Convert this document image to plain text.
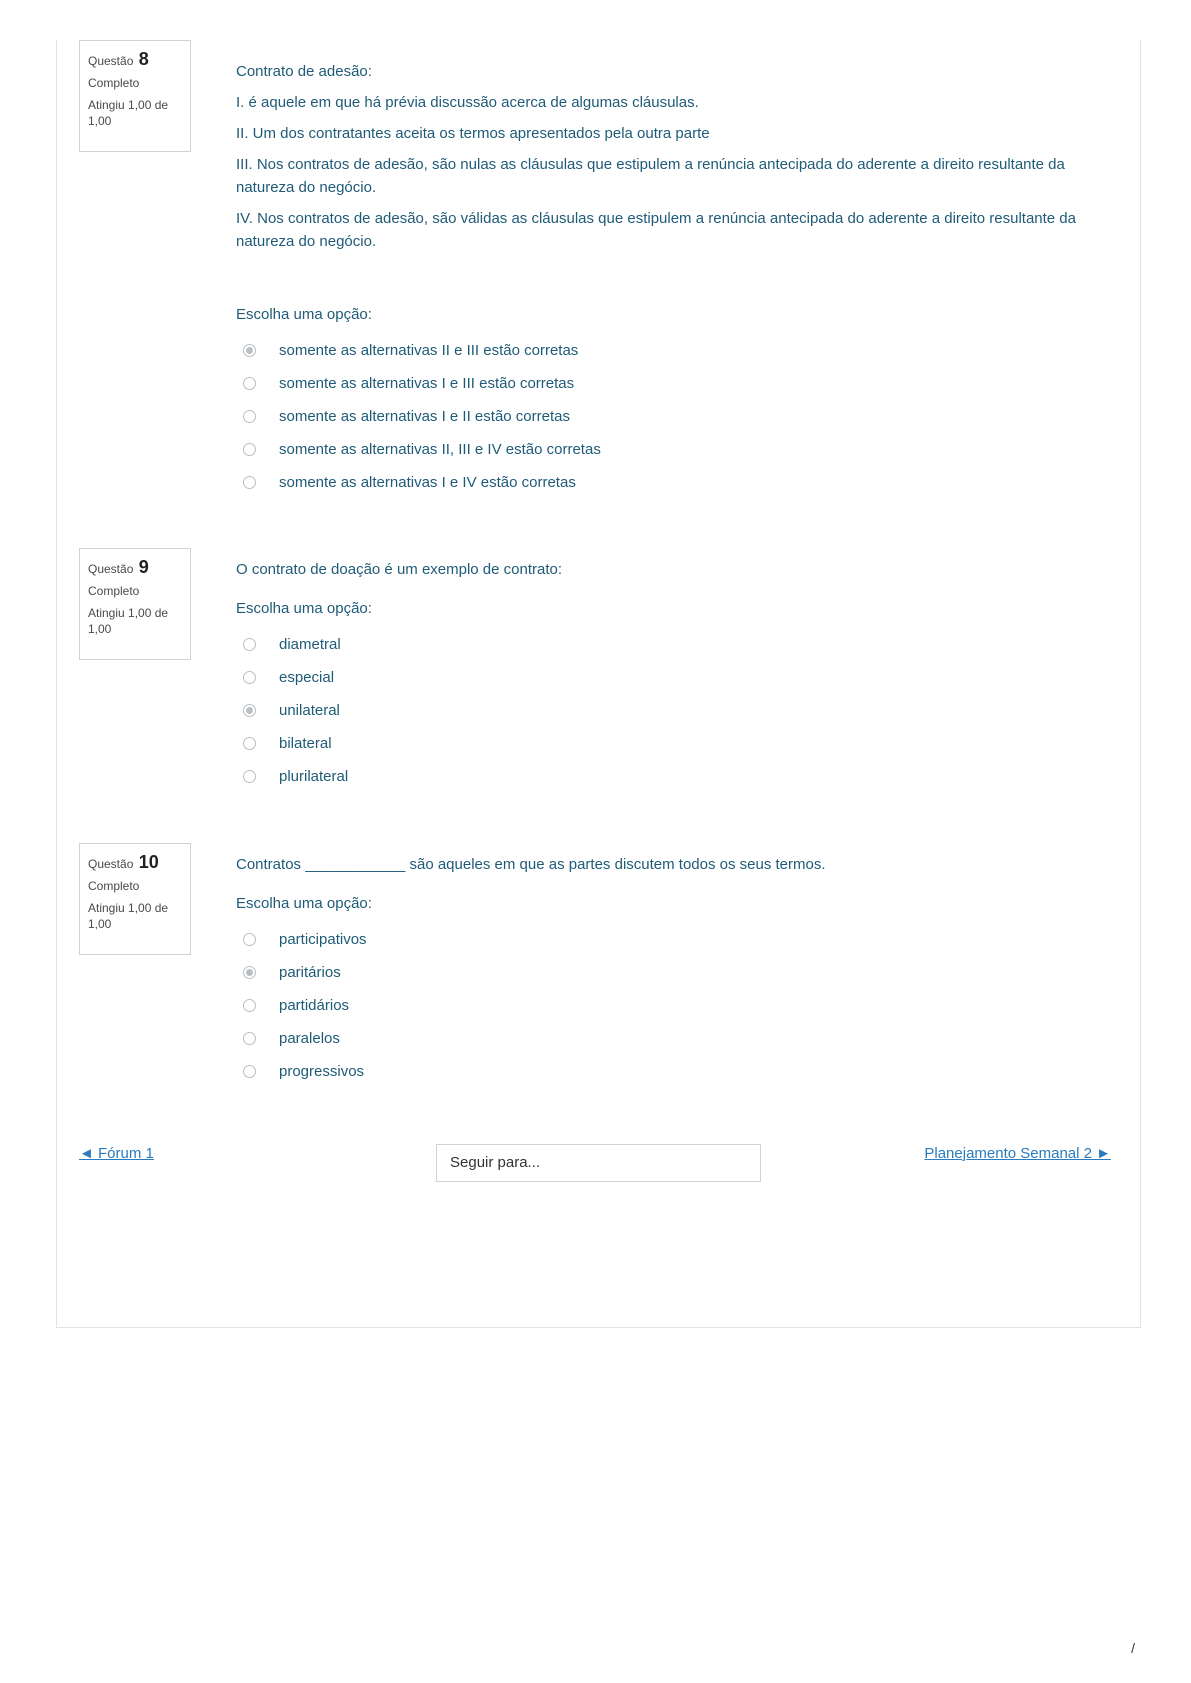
Questão 8
Completo
Atingiu 1,00 de 1,00

Contrato de adesão:

I. é aquele em que há prévia discussão acerca de algumas cláusulas.

II. Um dos contratantes aceita os termos apresentados pela outra parte

III. Nos contratos de adesão, são nulas as cláusulas que estipulem a renúncia antecipada do aderente a direito resultante da natureza do negócio.

IV. Nos contratos de adesão, são válidas as cláusulas que estipulem a renúncia antecipada do aderente a direito resultante da natureza do negócio.

Escolha uma opção:

somente as alternativas II e III estão corretas
somente as alternativas I e III estão corretas
somente as alternativas I e II estão corretas
somente as alternativas II, III e IV estão corretas
somente as alternativas I e IV estão corretas
Questão 9
Completo
Atingiu 1,00 de 1,00

O contrato de doação é um exemplo de contrato:

Escolha uma opção:

diametral
especial
unilateral
bilateral
plurilateral
Questão 10
Completo
Atingiu 1,00 de 1,00

Contratos ____________ são aqueles em que as partes discutem todos os seus termos.

Escolha uma opção:

participativos
paritários
partidários
paralelos
progressivos
◄ Fórum 1
Seguir para...
Planejamento Semanal 2 ►
/
